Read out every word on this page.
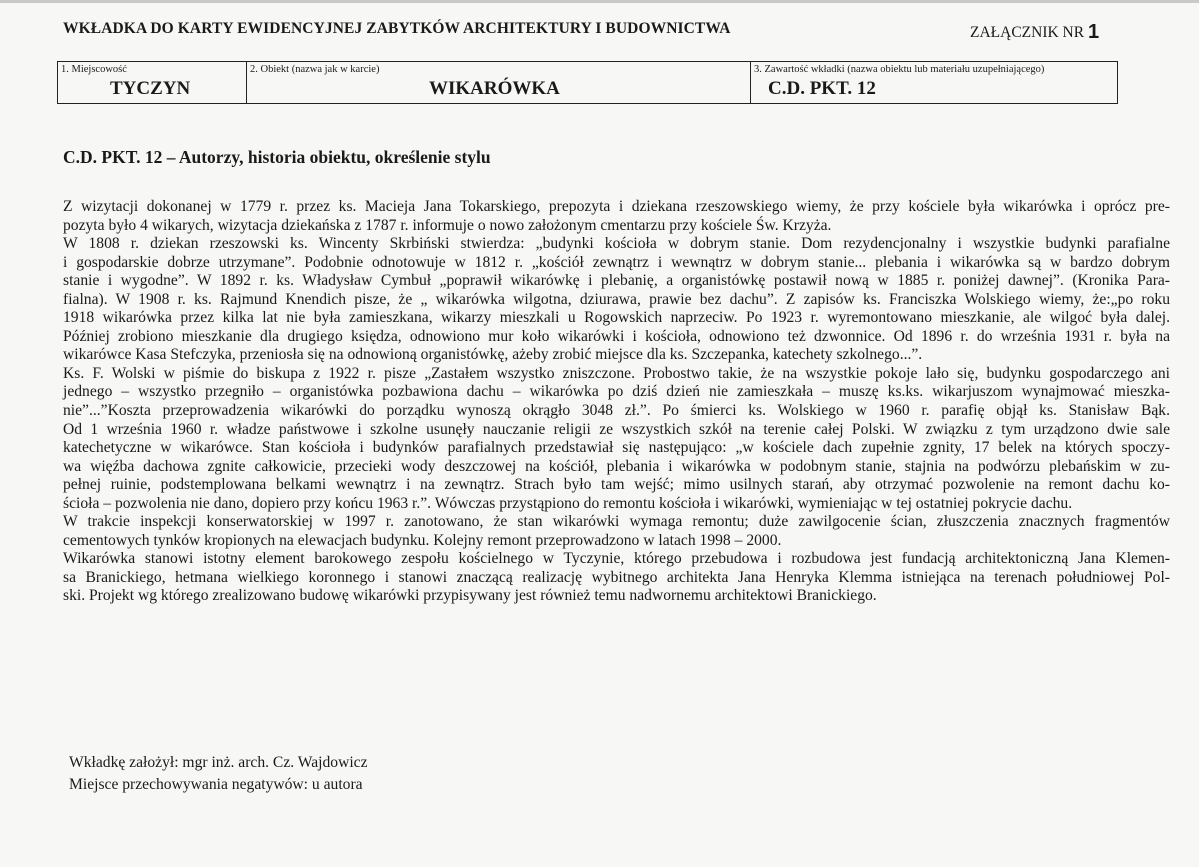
WKŁADKA DO KARTY EWIDENCYJNEJ ZABYTKÓW ARCHITEKTURY I BUDOWNICTWA	ZAŁĄCZNIK NR 1
1. Miejscowość
TYCZYN
2. Obiekt (nazwa jak w karcie)
WIKARÓWKA
3. Zawartość wkładki (nazwa obiektu lub materiału uzupełniającego)
C.D. PKT. 12
C.D. PKT. 12 – Autorzy, historia obiektu, określenie stylu
Z wizytacji dokonanej w 1779 r. przez ks. Macieja Jana Tokarskiego, prepozyta i dziekana rzeszowskiego wiemy, że przy kościele była wikarówka i oprócz pre-
pozyta było 4 wikarych, wizytacja dziekańska z 1787 r. informuje o nowo założonym cmentarzu przy kościele Św. Krzyża.
W 1808 r. dziekan rzeszowski ks. Wincenty Skrbiński stwierdza: „budynki kościoła w dobrym stanie. Dom rezydencjonalny i wszystkie budynki parafialne
i gospodarskie dobrze utrzymane”. Podobnie odnotowuje w 1812 r. „kościół zewnątrz i wewnątrz w dobrym stanie... plebania i wikarówka są w bardzo dobrym
stanie i wygodne”. W 1892 r. ks. Władysław Cymbuł „poprawił wikarówkę i plebanię, a organistówkę postawił nową w 1885 r. poniżej dawnej”. (Kronika Para-
fialna). W 1908 r. ks. Rajmund Knendich pisze, że „ wikarówka wilgotna, dziurawa, prawie bez dachu”. Z zapisów ks. Franciszka Wolskiego wiemy, że:„po roku
1918 wikarówka przez kilka lat nie była zamieszkana, wikarzy mieszkali u Rogowskich naprzeciw. Po 1923 r. wyremontowano mieszkanie, ale wilgoć była dalej.
Później zrobiono mieszkanie dla drugiego księdza, odnowiono mur koło wikarówki i kościoła, odnowiono też dzwonnice. Od 1896 r. do września 1931 r. była na
wikarówce Kasa Stefczyka, przeniosła się na odnowioną organistówkę, ażeby zrobić miejsce dla ks. Szczepanka, katechety szkolnego...”.
Ks. F. Wolski w piśmie do biskupa z 1922 r. pisze „Zastałem wszystko zniszczone. Probostwo takie, że na wszystkie pokoje lało się, budynku gospodarczego ani
jednego – wszystko przegniło – organistówka pozbawiona dachu – wikarówka po dziś dzień nie zamieszkała – muszę ks.ks. wikarjuszom wynajmować mieszka-
nie”...”Koszta przeprowadzenia wikarówki do porządku wynoszą okrągło 3048 zł.”. Po śmierci ks. Wolskiego w 1960 r. parafię objął ks. Stanisław Bąk.
Od 1 września 1960 r. władze państwowe i szkolne usunęły nauczanie religii ze wszystkich szkół na terenie całej Polski. W związku z tym urządzono dwie sale
katechetyczne w wikarówce. Stan kościoła i budynków parafialnych przedstawiał się następująco: „w kościele dach zupełnie zgnity, 17 belek na których spoczy-
wa więźba dachowa zgnite całkowicie, przecieki wody deszczowej na kościół, plebania i wikarówka w podobnym stanie, stajnia na podwórzu plebańskim w zu-
pełnej ruinie, podstemplowana belkami wewnątrz i na zewnątrz. Strach było tam wejść; mimo usilnych starań, aby otrzymać pozwolenie na remont dachu ko-
ścioła – pozwolenia nie dano, dopiero przy końcu 1963 r.”. Wówczas przystąpiono do remontu kościoła i wikarówki, wymieniając w tej ostatniej pokrycie dachu.
W trakcie inspekcji konserwatorskiej w 1997 r. zanotowano, że stan wikarówki wymaga remontu; duże zawilgocenie ścian, złuszczenia znacznych fragmentów
cementowych tynków kropionych na elewacjach budynku. Kolejny remont przeprowadzono w latach 1998 – 2000.
Wikarówka stanowi istotny element barokowego zespołu kościelnego w Tyczynie, którego przebudowa i rozbudowa jest fundacją architektoniczną Jana Klemen-
sa Branickiego, hetmana wielkiego koronnego i stanowi znaczącą realizację wybitnego architekta Jana Henryka Klemma istniejąca na terenach południowej Pol-
ski. Projekt wg którego zrealizowano budowę wikarówki przypisywany jest również temu nadwornemu architektowi Branickiego.
Wkładkę założył: mgr inż. arch. Cz. Wajdowicz
Miejsce przechowywania negatywów: u autora
